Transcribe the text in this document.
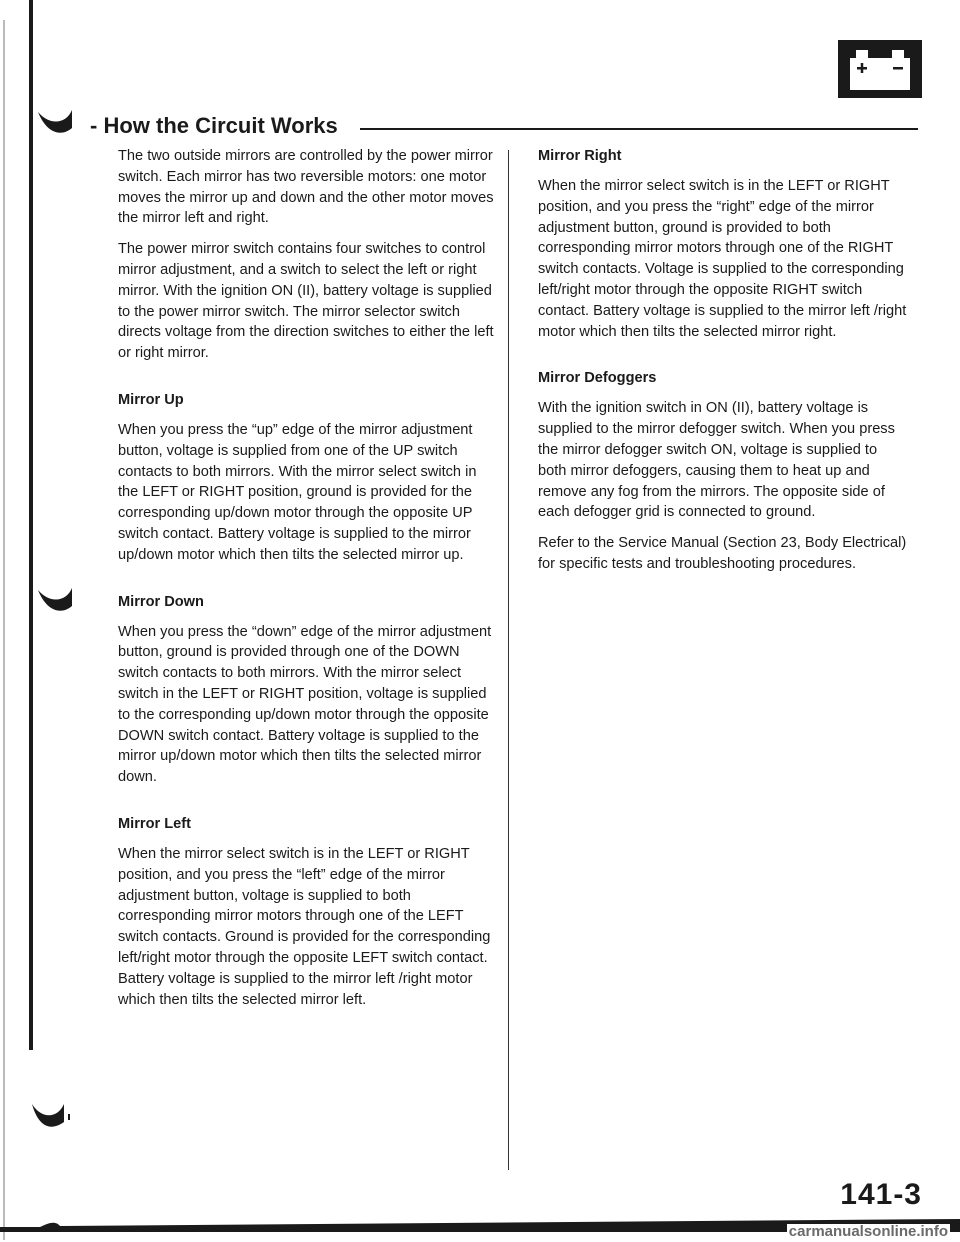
- How the Circuit Works

The two outside mirrors are controlled by the power mirror switch. Each mirror has two reversible motors: one motor moves the mirror up and down and the other motor moves the mirror left and right.

The power mirror switch contains four switches to control mirror adjustment, and a switch to select the left or right mirror. With the ignition ON (II), battery voltage is supplied to the power mirror switch. The mirror selector switch directs voltage from the direction switches to either the left or right mirror.

Mirror Up

When you press the “up” edge of the mirror adjustment button, voltage is supplied from one of the UP switch contacts to both mirrors. With the mirror select switch in the LEFT or RIGHT position, ground is provided for the corresponding up/down motor through the opposite UP switch contact. Battery voltage is supplied to the mirror up/down motor which then tilts the selected mirror up.

Mirror Down

When you press the “down” edge of the mirror adjustment button, ground is provided through one of the DOWN switch contacts to both mirrors. With the mirror select switch in the LEFT or RIGHT position, voltage is supplied to the corresponding up/down motor through the opposite DOWN switch contact. Battery voltage is supplied to the mirror up/down motor which then tilts the selected mirror down.

Mirror Left

When the mirror select switch is in the LEFT or RIGHT position, and you press the “left” edge of the mirror adjustment button, voltage is supplied to both corresponding mirror motors through one of the LEFT switch contacts. Ground is provided for the corresponding left/right motor through the opposite LEFT switch contact. Battery voltage is supplied to the mirror left /right motor which then tilts the selected mirror left.

Mirror Right

When the mirror select switch is in the LEFT or RIGHT position, and you press the “right” edge of the mirror adjustment button, ground is provided to both corresponding mirror motors through one of the RIGHT switch contacts. Voltage is supplied to the corresponding left/right motor through the opposite RIGHT switch contact. Battery voltage is supplied to the mirror left /right motor which then tilts the selected mirror right.

Mirror Defoggers

With the ignition switch in ON (II), battery voltage is supplied to the mirror defogger switch. When you press the mirror defogger switch ON, voltage is supplied to both mirror defoggers, causing them to heat up and remove any fog from the mirrors. The opposite side of each defogger grid is connected to ground.

Refer to the Service Manual (Section 23, Body Electrical) for specific tests and troubleshooting procedures.

141-3
carmanualsonline.info
